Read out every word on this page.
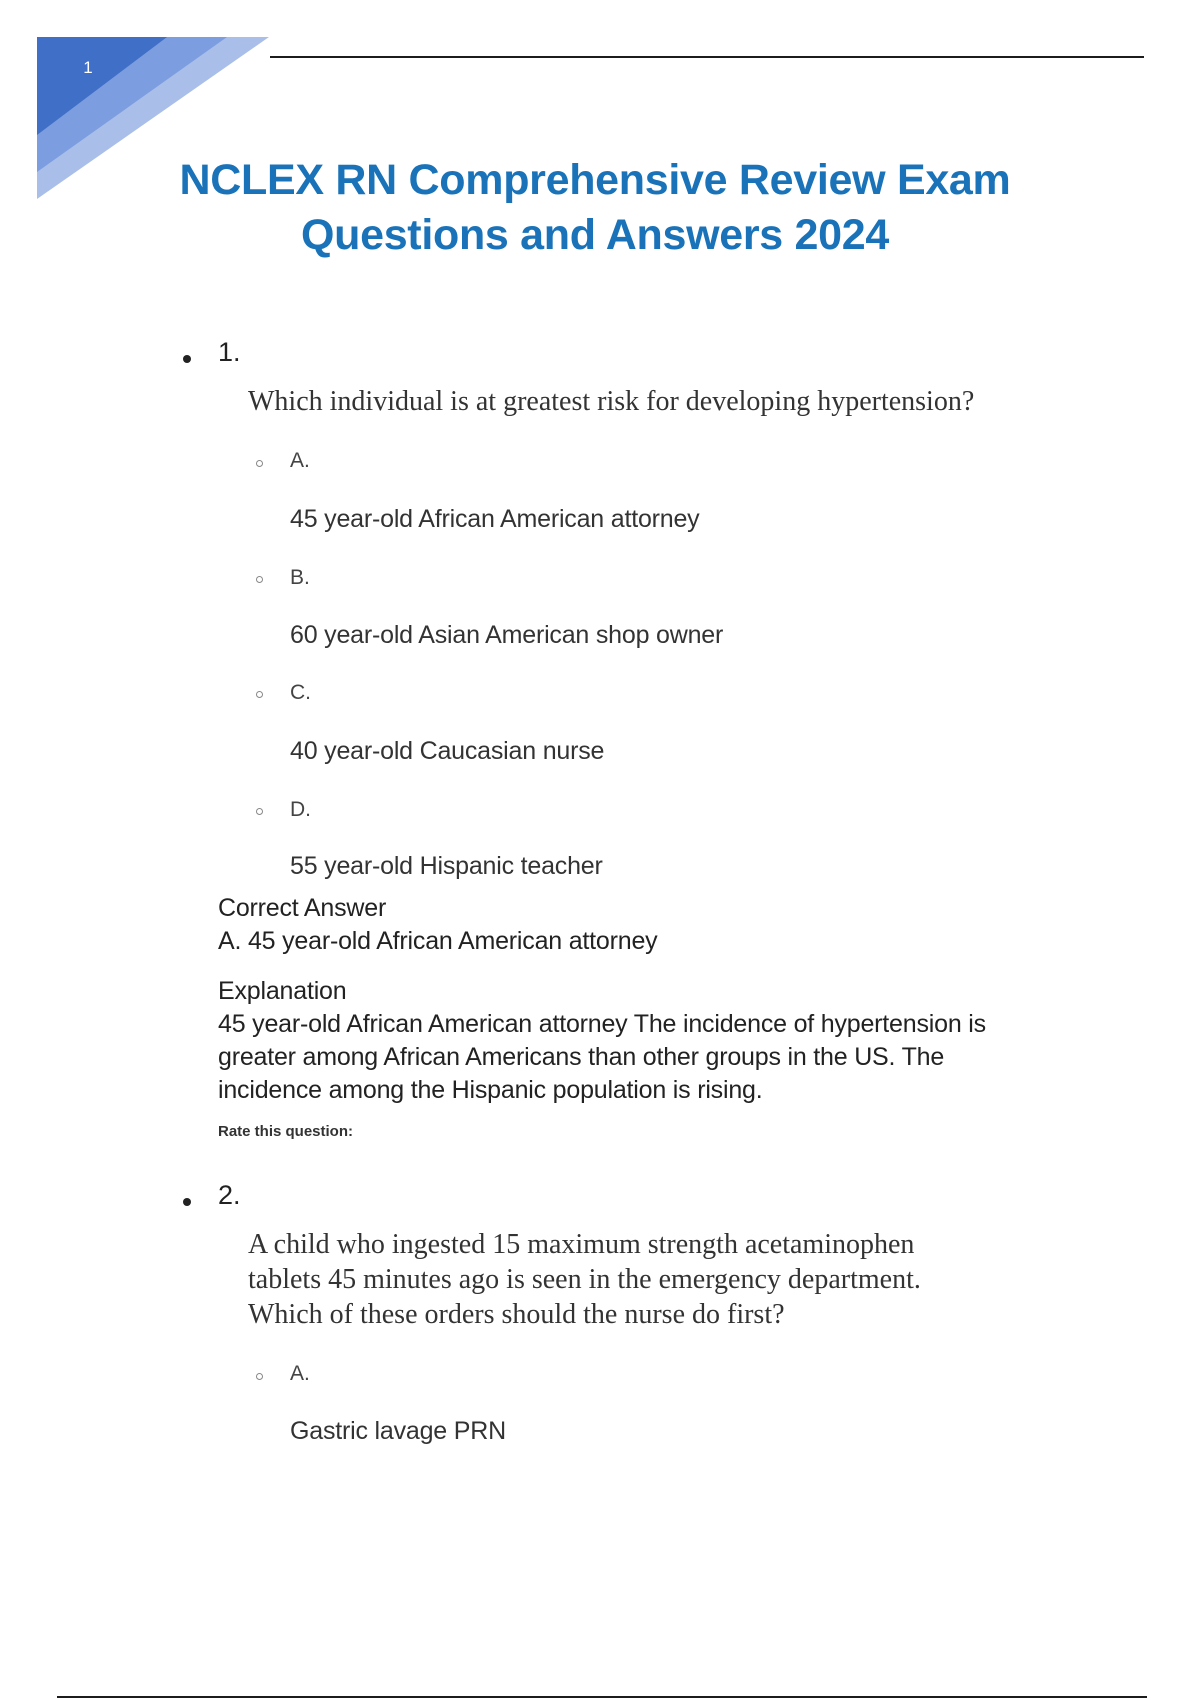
1
NCLEX RN Comprehensive Review Exam
Questions and Answers 2024
1.
Which individual is at greatest risk for developing hypertension?
A.
45 year-old African American attorney
B.
60 year-old Asian American shop owner
C.
40 year-old Caucasian nurse
D.
55 year-old Hispanic teacher
Correct Answer
A. 45 year-old African American attorney
Explanation
45 year-old African American attorney The incidence of hypertension is
greater among African Americans than other groups in the US. The
incidence among the Hispanic population is rising.
Rate this question:
2.
A child who ingested 15 maximum strength acetaminophen
tablets 45 minutes ago is seen in the emergency department.
Which of these orders should the nurse do first?
A.
Gastric lavage PRN
